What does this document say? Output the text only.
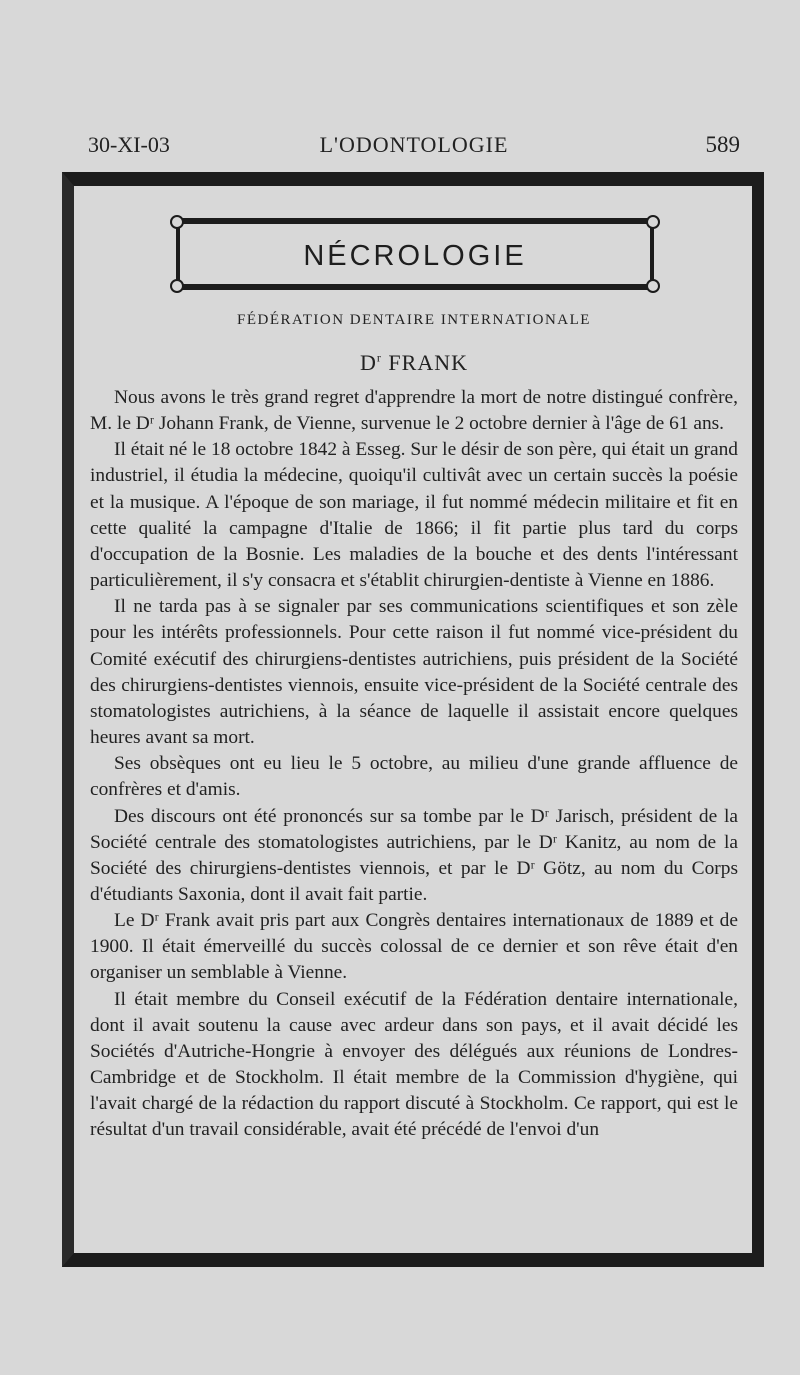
30-XI-03	L'ODONTOLOGIE	589
NÉCROLOGIE
FÉDÉRATION DENTAIRE INTERNATIONALE
$D^r$ FRANK

Nous avons le très grand regret d'apprendre la mort de notre distingué confrère, M. le Dʳ Johann Frank, de Vienne, survenue le 2 octobre dernier à l'âge de 61 ans.

Il était né le 18 octobre 1842 à Esseg. Sur le désir de son père, qui était un grand industriel, il étudia la médecine, quoiqu'il cultivât avec un certain succès la poésie et la musique. A l'époque de son mariage, il fut nommé médecin militaire et fit en cette qualité la campagne d'Italie de 1866; il fit partie plus tard du corps d'occupation de la Bosnie. Les maladies de la bouche et des dents l'intéressant particulièrement, il s'y consacra et s'établit chirurgien-dentiste à Vienne en 1886.

Il ne tarda pas à se signaler par ses communications scientifiques et son zèle pour les intérêts professionnels. Pour cette raison il fut nommé vice-président du Comité exécutif des chirurgiens-dentistes autrichiens, puis président de la Société des chirurgiens-dentistes viennois, ensuite vice-président de la Société centrale des stomatologistes autrichiens, à la séance de laquelle il assistait encore quelques heures avant sa mort.

Ses obsèques ont eu lieu le 5 octobre, au milieu d'une grande affluence de confrères et d'amis.

Des discours ont été prononcés sur sa tombe par le Dʳ Jarisch, président de la Société centrale des stomatologistes autrichiens, par le Dʳ Kanitz, au nom de la Société des chirurgiens-dentistes viennois, et par le Dʳ Götz, au nom du Corps d'étudiants Saxonia, dont il avait fait partie.

Le Dʳ Frank avait pris part aux Congrès dentaires internationaux de 1889 et de 1900. Il était émerveillé du succès colossal de ce dernier et son rêve était d'en organiser un semblable à Vienne.

Il était membre du Conseil exécutif de la Fédération dentaire internationale, dont il avait soutenu la cause avec ardeur dans son pays, et il avait décidé les Sociétés d'Autriche-Hongrie à envoyer des délégués aux réunions de Londres-Cambridge et de Stockholm. Il était membre de la Commission d'hygiène, qui l'avait chargé de la rédaction du rapport discuté à Stockholm. Ce rapport, qui est le résultat d'un travail considérable, avait été précédé de l'envoi d'un
